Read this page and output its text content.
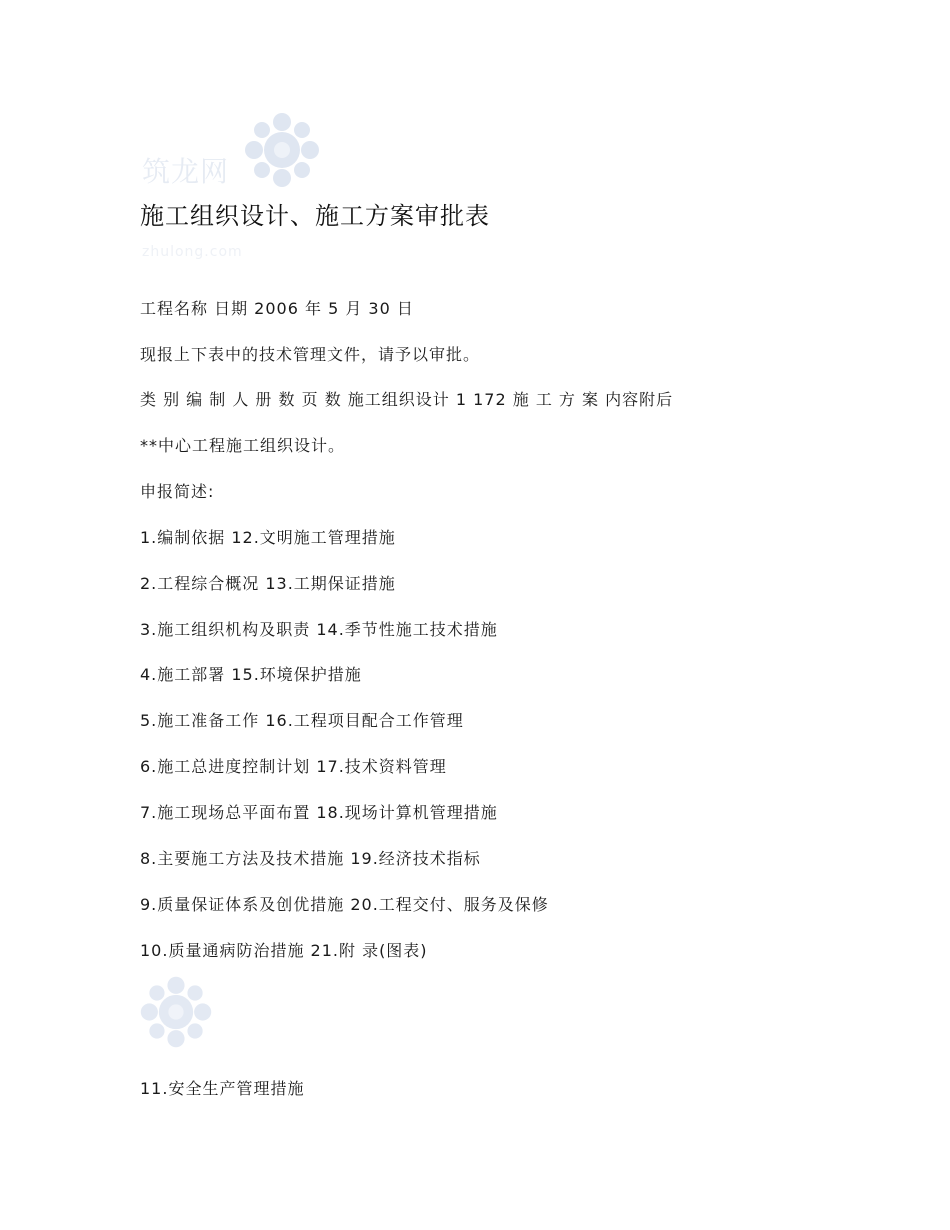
筑龙网
zhulong.com
施工组织设计、施工方案审批表

工程名称 日期 2006 年 5 月 30 日

现报上下表中的技术管理文件，请予以审批。

类 别 编 制 人 册 数 页 数 施工组织设计 1 172 施 工 方 案 内容附后

**中心工程施工组织设计。

申报简述:

1.编制依据 12.文明施工管理措施

2.工程综合概况 13.工期保证措施

3.施工组织机构及职责 14.季节性施工技术措施

4.施工部署 15.环境保护措施

5.施工准备工作 16.工程项目配合工作管理

6.施工总进度控制计划 17.技术资料管理

7.施工现场总平面布置 18.现场计算机管理措施

8.主要施工方法及技术措施 19.经济技术指标

9.质量保证体系及创优措施 20.工程交付、服务及保修

10.质量通病防治措施 21.附 录(图表)

11.安全生产管理措施
